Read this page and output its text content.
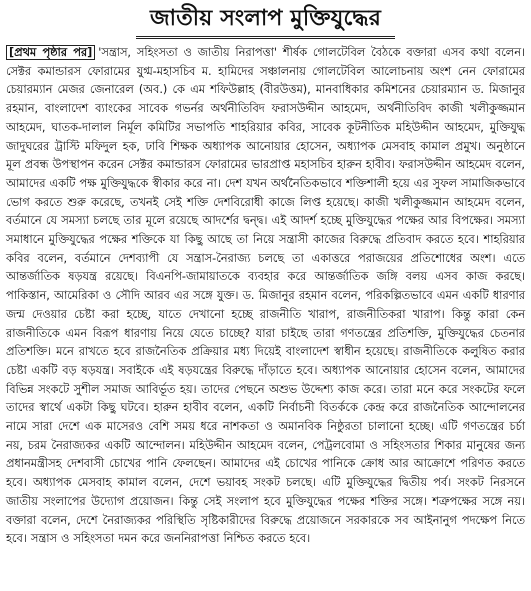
জাতীয় সংলাপ মুক্তিযুদ্ধের
[প্রথম পৃষ্ঠার পর] 'সন্ত্রাস, সহিংসতা ও জাতীয় নিরাপত্তা' শীর্ষক গোলটেবিল বৈঠকে বক্তারা এসব কথা বলেন। সেক্টর কমান্ডারস ফোরামের যুগ্ম-মহাসচিব ম. হামিদের সঞ্চালনায় গোলটেবিল আলোচনায় অংশ নেন ফোরামের চেয়ারম্যান মেজর জেনারেল (অব.) কে এম শফিউল্লাহ (বীরউত্তম), মানবাধিকার কমিশনের চেয়ারম্যান ড. মিজানুর রহমান, বাংলাদেশ ব্যাংকের সাবেক গভর্নর অর্থনীতিবিদ ফরাসউদ্দীন আহমেদ, অর্থনীতিবিদ কাজী খলীকুজ্জমান আহমেদ, ঘাতক-দালাল নির্মূল কমিটির সভাপতি শাহরিয়ার কবির, সাবেক কূটনীতিক মহিউদ্দীন আহমেদ, মুক্তিযুদ্ধ জাদুঘরের ট্রাস্টি মফিদুল হক, ঢাবি শিক্ষক অধ্যাপক আনোয়ার হোসেন, অধ্যাপক মেসবাহ কামাল প্রমুখ। অনুষ্ঠানে মূল প্রবন্ধ উপস্থাপন করেন সেক্টর কমান্ডারস ফোরামের ভারপ্রাপ্ত মহাসচিব হারুন হাবীব। ফরাসউদ্দীন আহমেদ বলেন, আমাদের একটি পক্ষ মুক্তিযুদ্ধকে স্বীকার করে না। দেশ যখন অর্থনৈতিকভাবে শক্তিশালী হয়ে এর সুফল সামাজিকভাবে ভোগ করতে শুরু করেছে, তখনই সেই শক্তি দেশবিরোধী কাজে লিপ্ত হয়েছে। কাজী খলীকুজ্জমান আহমেদ বলেন, বর্তমানে যে সমস্যা চলছে তার মূলে রয়েছে আদর্শের দ্বন্দ্ব। এই আদর্শ হচ্ছে মুক্তিযুদ্ধের পক্ষের আর বিপক্ষের। সমস্যা সমাধানে মুক্তিযুদ্ধের পক্ষের শক্তিকে যা কিছু আছে তা নিয়ে সন্ত্রাসী কাজের বিরুদ্ধে প্রতিবাদ করতে হবে। শাহরিয়ার কবির বলেন, বর্তমানে দেশব্যাপী যে সন্ত্রাস-নৈরাজ্য চলছে তা একাত্তরে পরাজয়ের প্রতিশোধের অংশ। এতে আন্তর্জাতিক ষড়যন্ত্র রয়েছে। বিএনপি-জামায়াতকে ব্যবহার করে আন্তর্জাতিক জঙ্গি বলয় এসব কাজ করছে। পাকিস্তান, আমেরিকা ও সৌদি আরব এর সঙ্গে যুক্ত। ড. মিজানুর রহমান বলেন, পরিকল্পিতভাবে এমন একটি ধারণার জন্ম দেওয়ার চেষ্টা করা হচ্ছে, যাতে দেখানো হচ্ছে রাজনীতি খারাপ, রাজনীতিকরা খারাপ। কিন্তু কারা কেন রাজনীতিকে এমন বিরূপ ধারণায় নিয়ে যেতে চাচ্ছে? যারা চাইছে তারা গণতন্ত্রের প্রতিশক্তি, মুক্তিযুদ্ধের চেতনার প্রতিশক্তি। মনে রাখতে হবে রাজনৈতিক প্রক্রিয়ার মধ্য দিয়েই বাংলাদেশ স্বাধীন হয়েছে। রাজনীতিকে কলুষিত করার চেষ্টা একটি বড় ষড়যন্ত্র। সবাইকে এই ষড়যন্ত্রের বিরুদ্ধে দাঁড়াতে হবে। অধ্যাপক আনোয়ার হোসেন বলেন, আমাদের বিভিন্ন সংকটে সুশীল সমাজ আবির্ভূত হয়। তাদের পেছনে অশুভ উদ্দেশ্য কাজ করে। তারা মনে করে সংকটের ফলে তাদের স্বার্থে একটা কিছু ঘটবে। হারুন হাবীব বলেন, একটি নির্বাচনী বিতর্ককে কেন্দ্র করে রাজনৈতিক আন্দোলনের নামে সারা দেশে এক মাসেরও বেশি সময় ধরে নাশকতা ও অমানবিক নিষ্ঠুরতা চালানো হচ্ছে। এটি গণতন্ত্রের চর্চা নয়, চরম নৈরাজ্যকর একটি আন্দোলন। মহিউদ্দীন আহমেদ বলেন, পেট্রলবোমা ও সহিংসতার শিকার মানুষের জন্য প্রধানমন্ত্রীসহ দেশবাসী চোখের পানি ফেলছেন। আমাদের এই চোখের পানিকে ক্রোধ আর আক্রোশে পরিণত করতে হবে। অধ্যাপক মেসবাহ কামাল বলেন, দেশে ভয়াবহ সংকট চলছে। এটি মুক্তিযুদ্ধের দ্বিতীয় পর্ব। সংকট নিরসনে জাতীয় সংলাপের উদ্যোগ প্রয়োজন। কিন্তু সেই সংলাপ হবে মুক্তিযুদ্ধের পক্ষের শক্তির সঙ্গে। শত্রুপক্ষের সঙ্গে নয়। বক্তারা বলেন, দেশে নৈরাজ্যকর পরিস্থিতি সৃষ্টিকারীদের বিরুদ্ধে প্রয়োজনে সরকারকে সব আইনানুগ পদক্ষেপ নিতে হবে। সন্ত্রাস ও সহিংসতা দমন করে জননিরাপত্তা নিশ্চিত করতে হবে।
